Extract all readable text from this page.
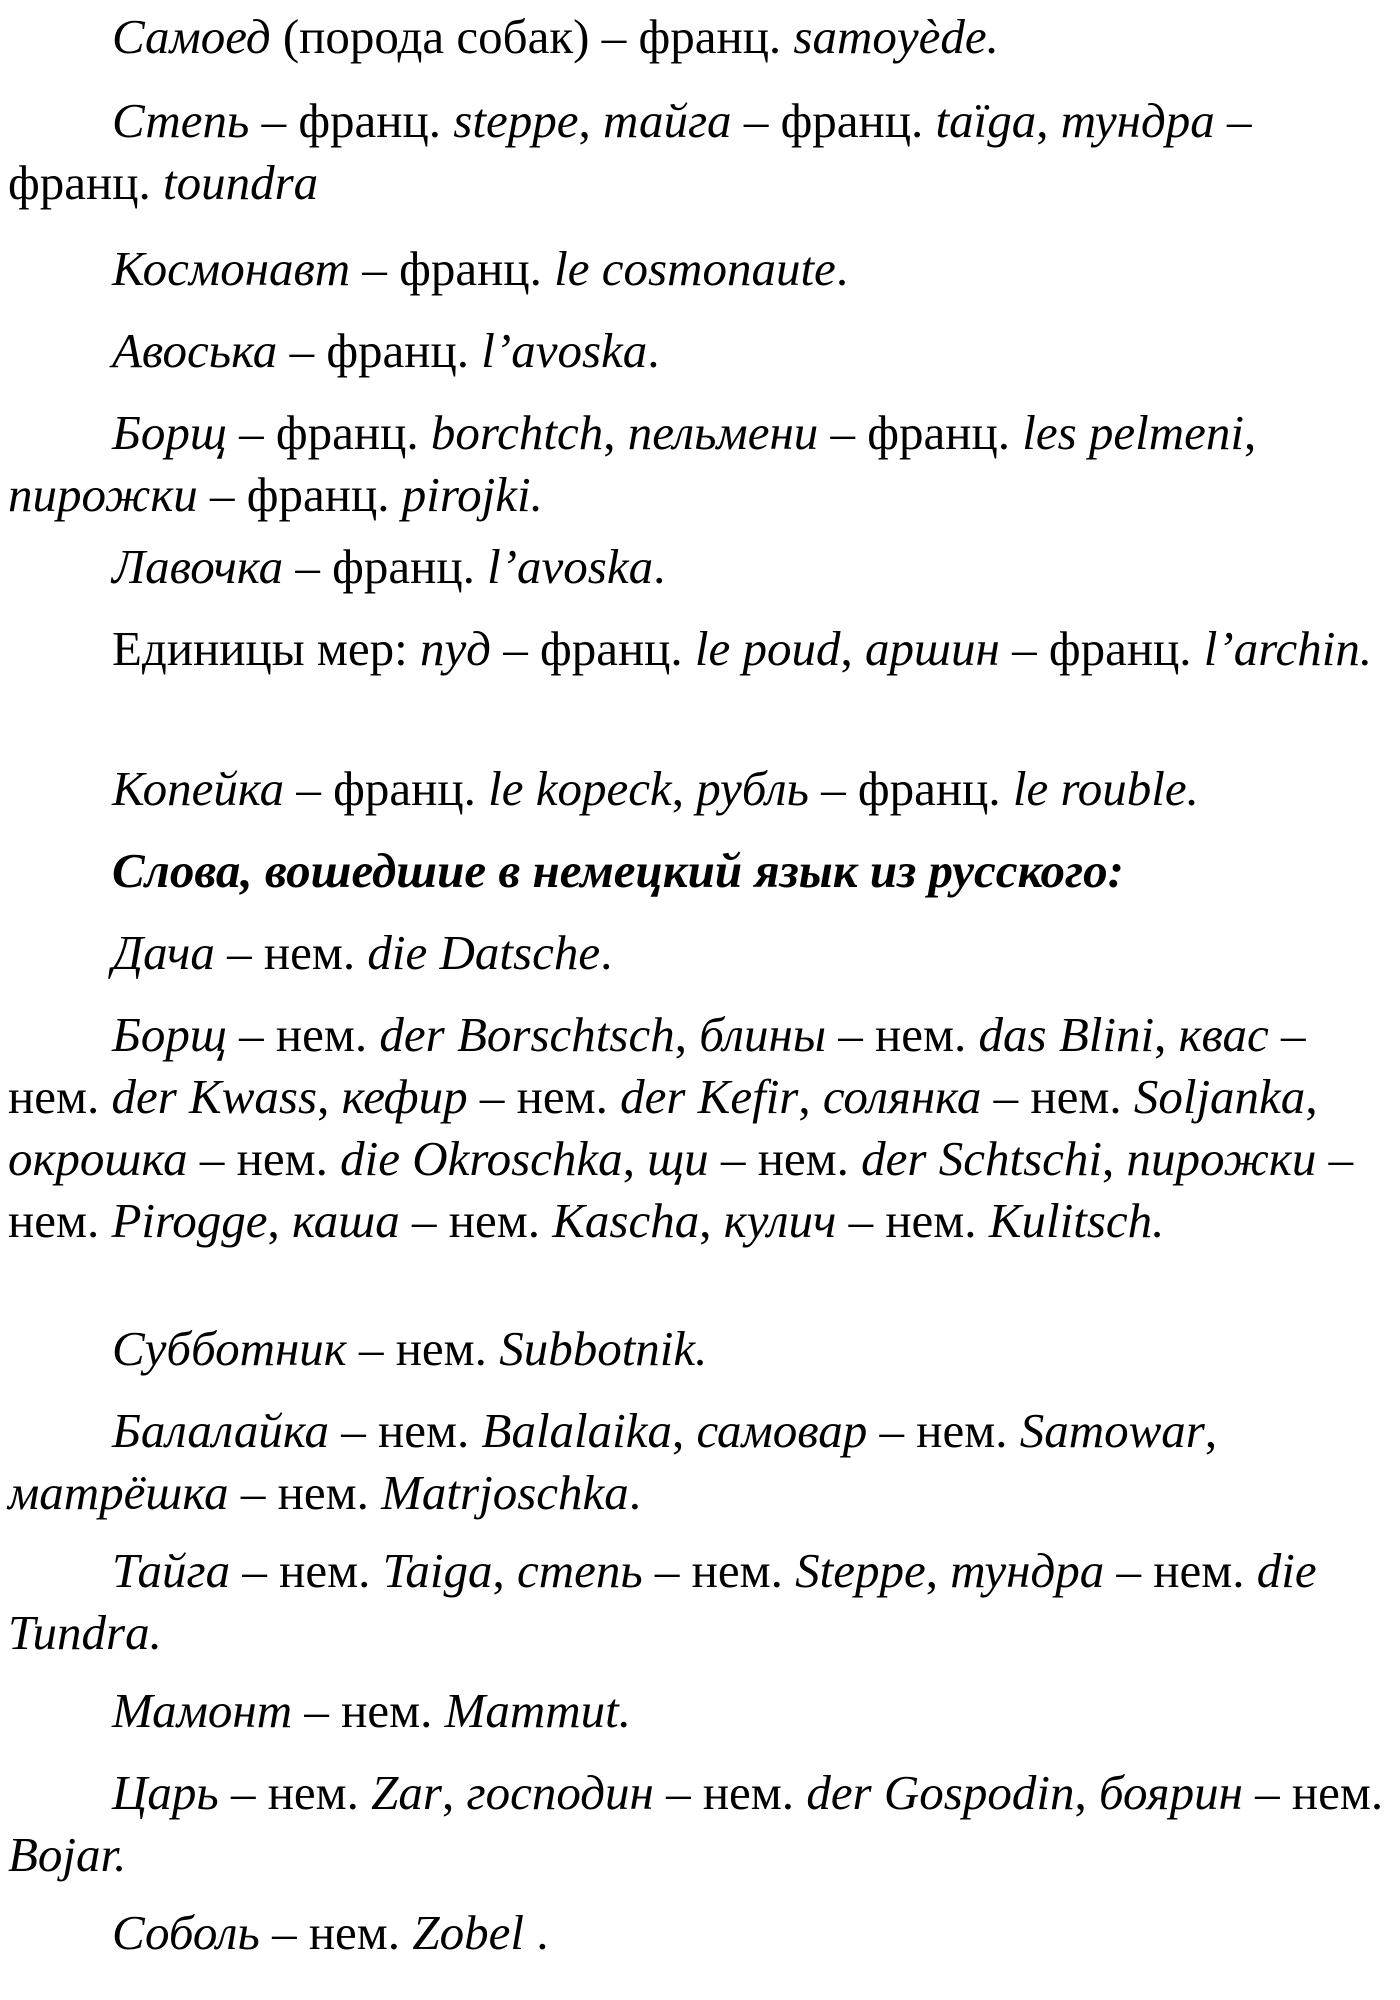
Самоед (порода собак) – франц. samoyède.

Степь – франц. steppe, тайга – франц. taïga, тундра – франц. toundra

Космонавт – франц. le cosmonaute.

Авоська – франц. l’avoska.

Борщ – франц. borchtch, пельмени – франц. les pelmeni, пирожки – франц. pirojki.

Лавочка – франц. l’avoska.

Единицы мер: пуд – франц. le poud, аршин – франц. l’archin.

Копейка – франц. le kopeck, рубль – франц. le rouble.

Слова, вошедшие в немецкий язык из русского:

Дача – нем. die Datsche.

Борщ – нем. der Borschtsch, блины – нем. das Blini, квас – нем. der Kwass, кефир – нем. der Kefir, солянка – нем. Soljanka, окрошка – нем. die Okroschka, щи – нем. der Schtschi, пирожки – нем. Pirogge, каша – нем. Kascha, кулич – нем. Kulitsch.

Субботник – нем. Subbotnik.

Балалайка – нем. Balalaika, самовар – нем. Samowar, матрёшка – нем. Matrjoschka.

Тайга – нем. Taiga, степь – нем. Steppe, тундра – нем. die Tundra.

Мамонт – нем. Mammut.

Царь – нем. Zar, господин – нем. der Gospodin, боярин – нем. Bojar.

Соболь – нем. Zobel .
